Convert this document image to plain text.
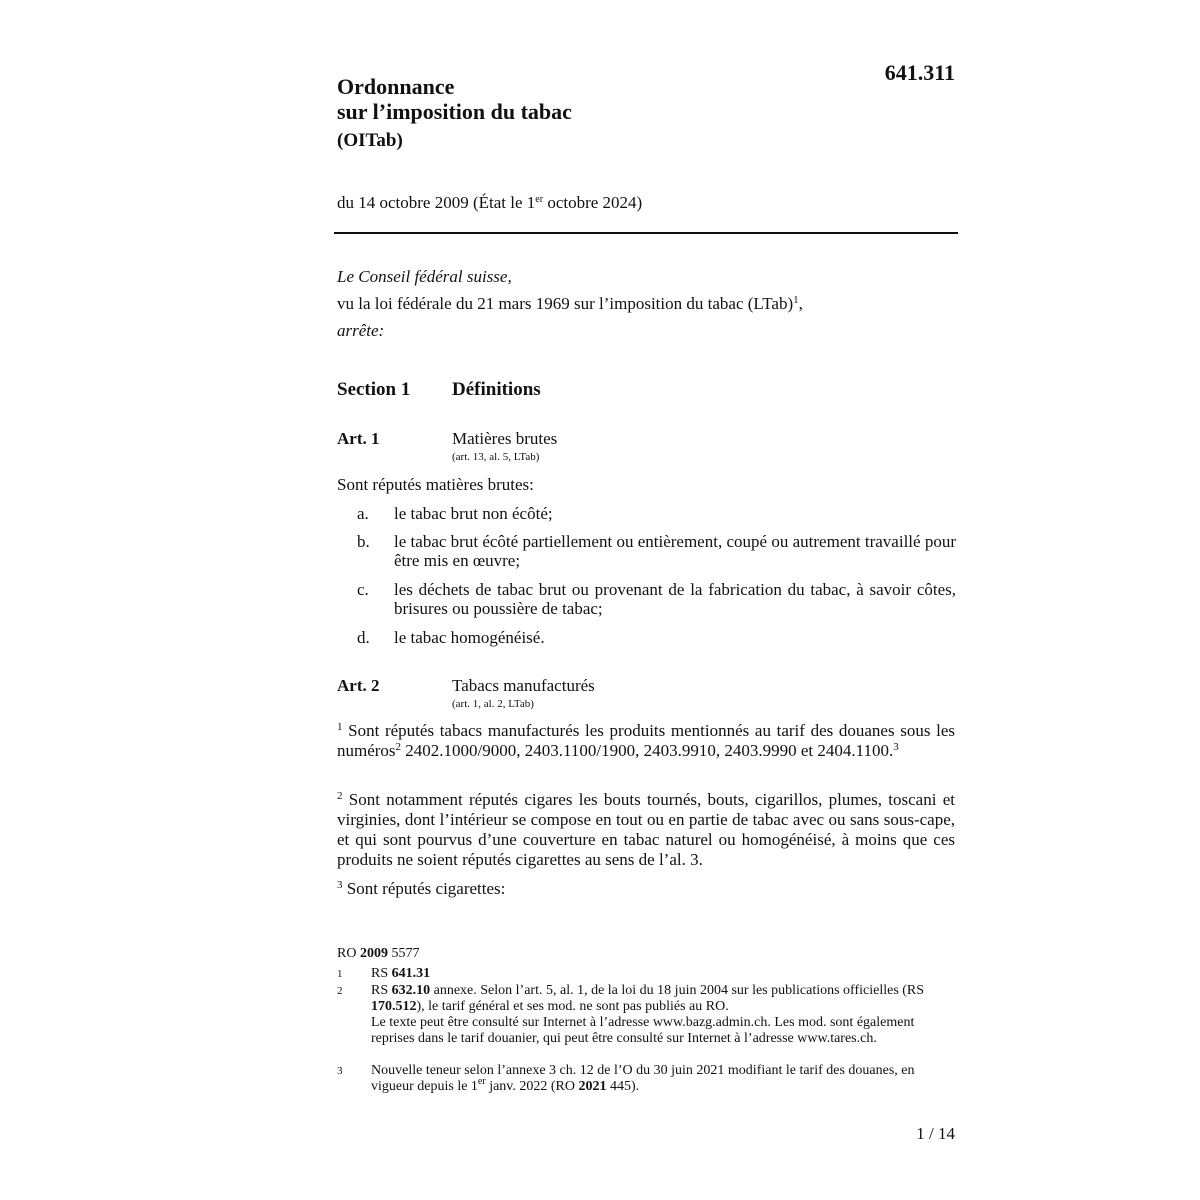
641.311
Ordonnance
sur l’imposition du tabac
(OITab)
du 14 octobre 2009 (État le 1er octobre 2024)
Le Conseil fédéral suisse,
vu la loi fédérale du 21 mars 1969 sur l’imposition du tabac (LTab)$^1$,
arrête:
Section 1 Définitions
Art. 1	Matières brutes
(art. 13, al. 5, LTab)
Sont réputés matières brutes:
a. le tabac brut non écôté;
b. le tabac brut écôté partiellement ou entièrement, coupé ou autrement travaillé pour être mis en œuvre;
c. les déchets de tabac brut ou provenant de la fabrication du tabac, à savoir côtes, brisures ou poussière de tabac;
d. le tabac homogénéisé.
Art. 2	Tabacs manufacturés
(art. 1, al. 2, LTab)
$^1$ Sont réputés tabacs manufacturés les produits mentionnés au tarif des douanes sous les numéros$^2$ 2402.1000/9000, 2403.1100/1900, 2403.9910, 2403.9990 et 2404.1100.$^3$
$^2$ Sont notamment réputés cigares les bouts tournés, bouts, cigarillos, plumes, toscani et virginies, dont l’intérieur se compose en tout ou en partie de tabac avec ou sans sous-cape, et qui sont pourvus d’une couverture en tabac naturel ou homogénéisé, à moins que ces produits ne soient réputés cigarettes au sens de l’al. 3.
$^3$ Sont réputés cigarettes:
RO 2009 5577
1 RS 641.31
2 RS 632.10 annexe. Selon l’art. 5, al. 1, de la loi du 18 juin 2004 sur les publications officielles (RS 170.512), le tarif général et ses mod. ne sont pas publiés au RO.
Le texte peut être consulté sur Internet à l’adresse www.bazg.admin.ch. Les mod. sont également reprises dans le tarif douanier, qui peut être consulté sur Internet à l’adresse www.tares.ch.
3 Nouvelle teneur selon l’annexe 3 ch. 12 de l’O du 30 juin 2021 modifiant le tarif des douanes, en vigueur depuis le 1er janv. 2022 (RO 2021 445).
1 / 14
